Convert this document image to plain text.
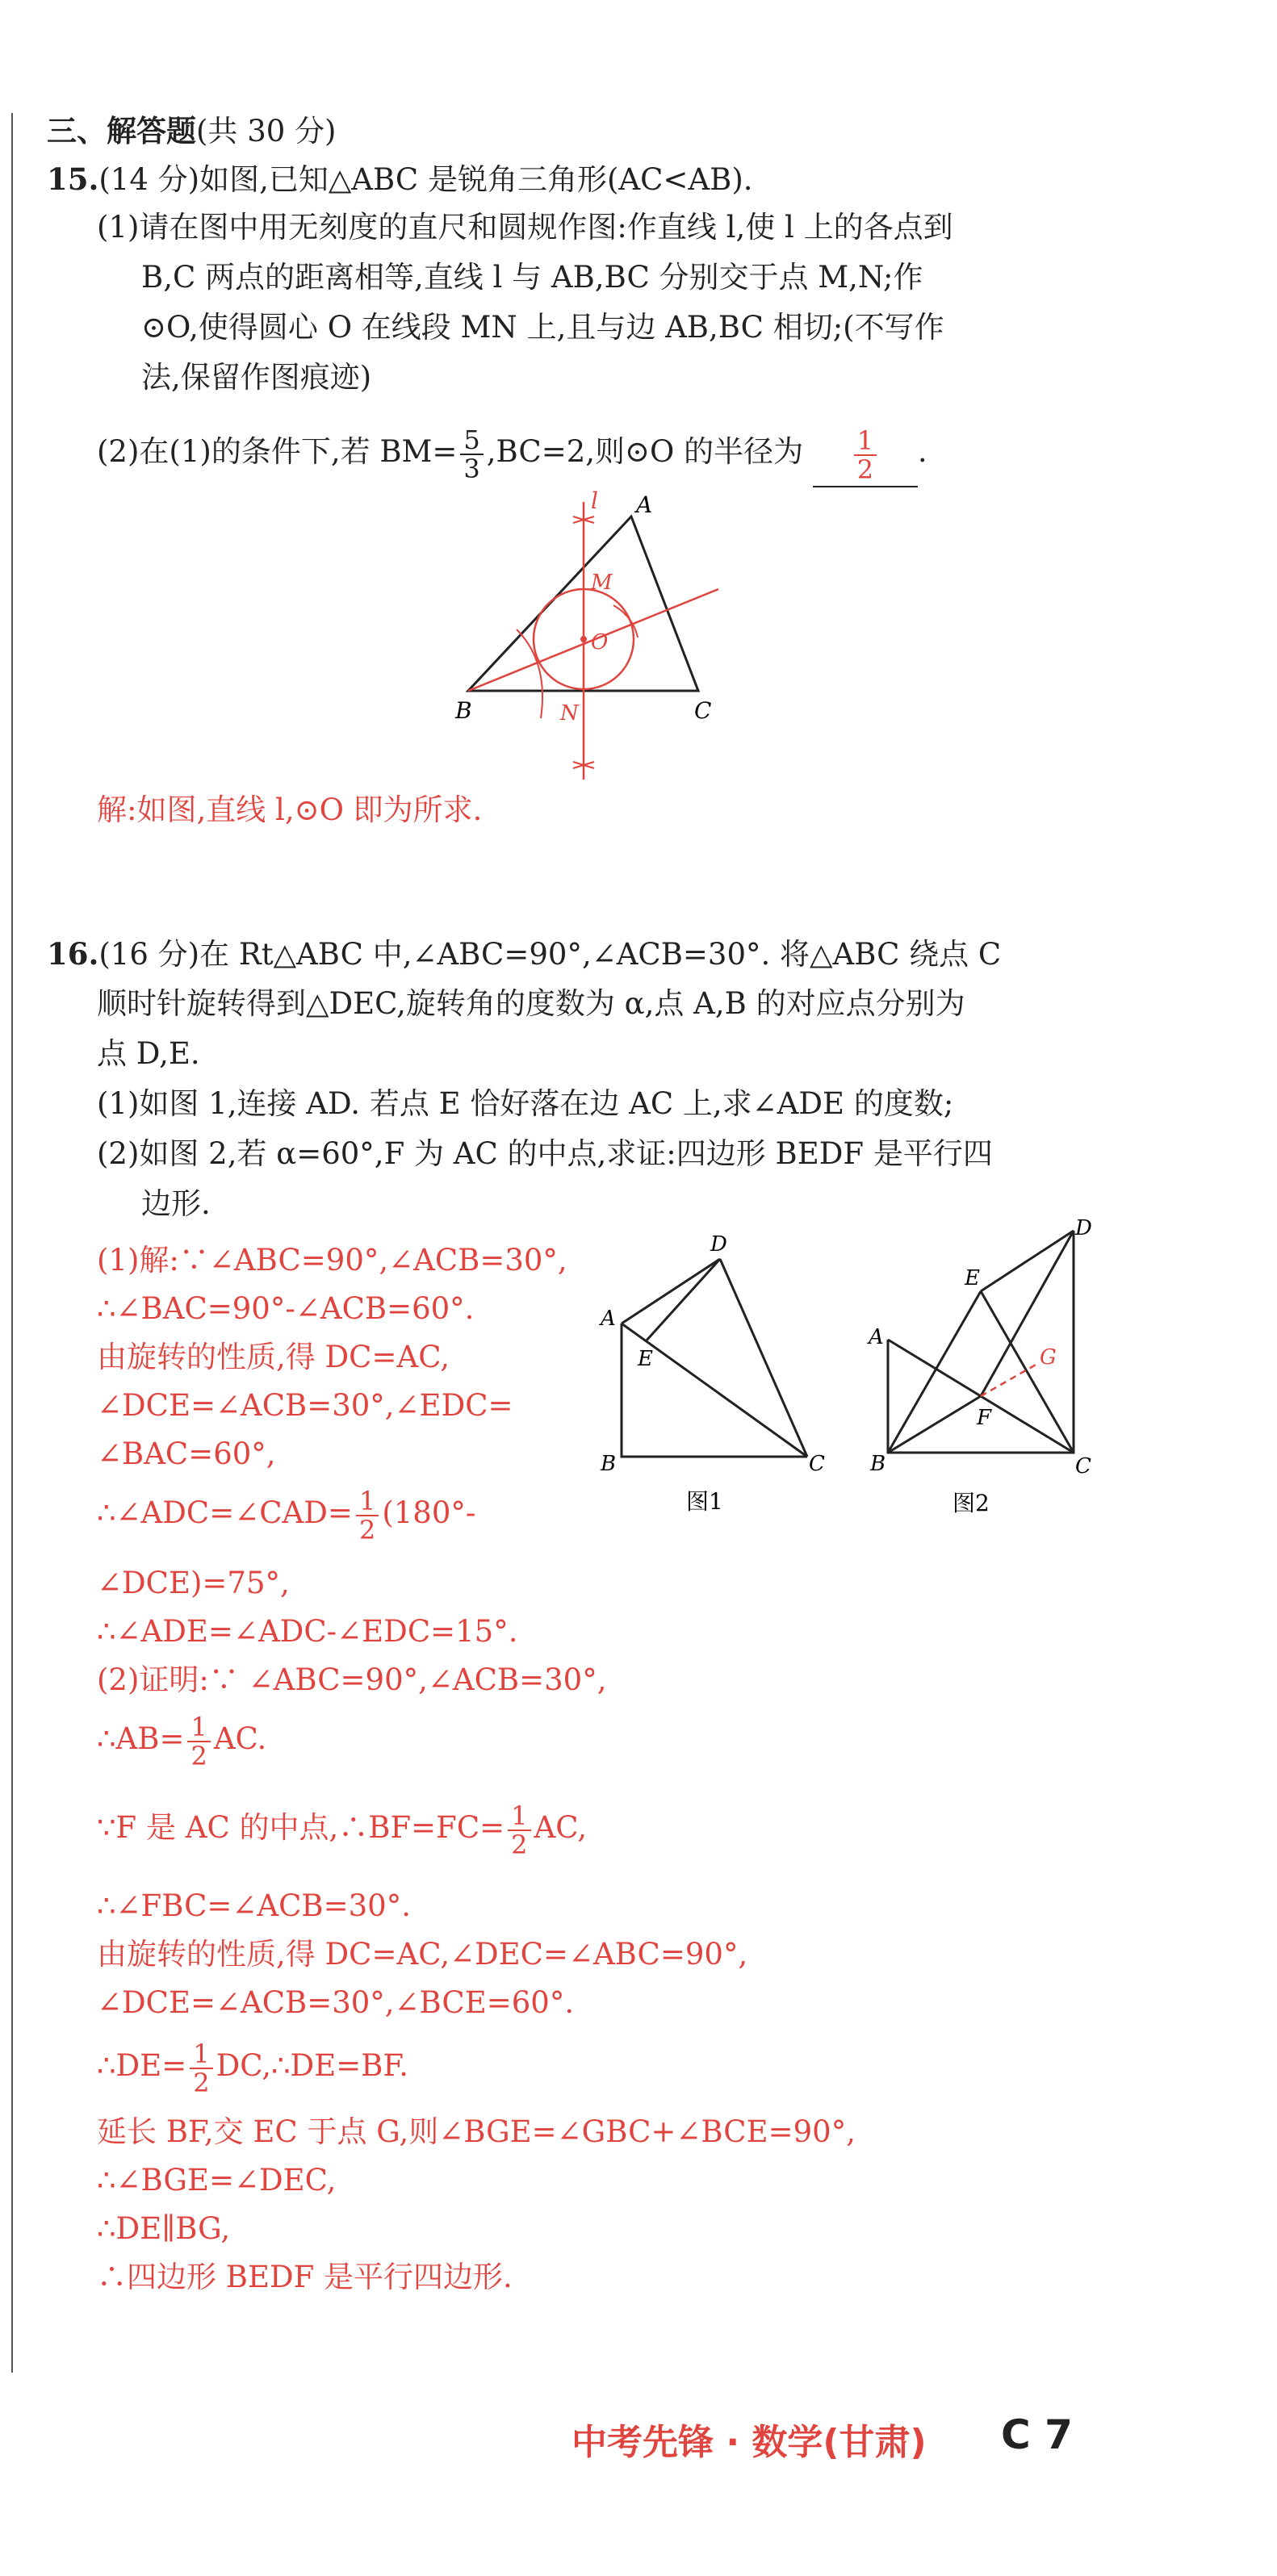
三、解答题(共 30 分)
15.(14 分)如图,已知△ABC 是锐角三角形(AC<AB).
(1)请在图中用无刻度的直尺和圆规作图:作直线 l,使 l 上的各点到
B,C 两点的距离相等,直线 l 与 AB,BC 分别交于点 M,N;作
⊙O,使得圆心 O 在线段 MN 上,且与边 AB,BC 相切;(不写作
法,保留作图痕迹)
(2)在(1)的条件下,若 $BM= \frac{5}{3} ,BC=2$,则⊙O 的半径为 $\frac{1}{2}$ .
A
B	C
M
N
O
l
解:如图,直线 l,⊙O 即为所求.
16.(16 分)在 Rt△ABC 中,∠ABC=90°,∠ACB=30°. 将△ABC 绕点 C
顺时针旋转得到△DEC,旋转角的度数为 α,点 A,B 的对应点分别为
点 D,E.
(1)如图 1,连接 AD. 若点 E 恰好落在边 AC 上,求∠ADE 的度数;
(2)如图 2,若 α=60°,F 为 AC 的中点,求证:四边形 BEDF 是平行四
边形.
(1)解:∵∠ABC=90°,∠ACB=30°,
∴∠BAC=90°-∠ACB=60°.
由旋转的性质,得 DC=AC,
∠DCE=∠ACB=30°,∠EDC=
∠BAC=60°,
∴∠ADC=∠CAD= $\frac{1}{2} (180^\circ-$
∠DCE)=75°,
∴∠ADE=∠ADC-∠EDC=15°.
(2)证明:∵ ∠ABC=90°,∠ACB=30°,
∴AB= $\frac{1}{2}$ AC.
∵F 是 AC 的中点,∴BF=FC= $\frac{1}{2}$ AC,
∴∠FBC=∠ACB=30°.
由旋转的性质,得 DC=AC,∠DEC=∠ABC=90°,
∠DCE=∠ACB=30°,∠BCE=60°.
∴DE= $\frac{1}{2}$ DC,∴DE=BF.
延长 BF,交 EC 于点 G,则∠BGE=∠GBC+∠BCE=90°,
∴∠BGE=∠DEC,
∴DE∥BG,
∴四边形 BEDF 是平行四边形.
A
B	C
D
E
图1
A
B	C
D
E
F
G
图2
中考先锋 · 数学(甘肃) C 7
